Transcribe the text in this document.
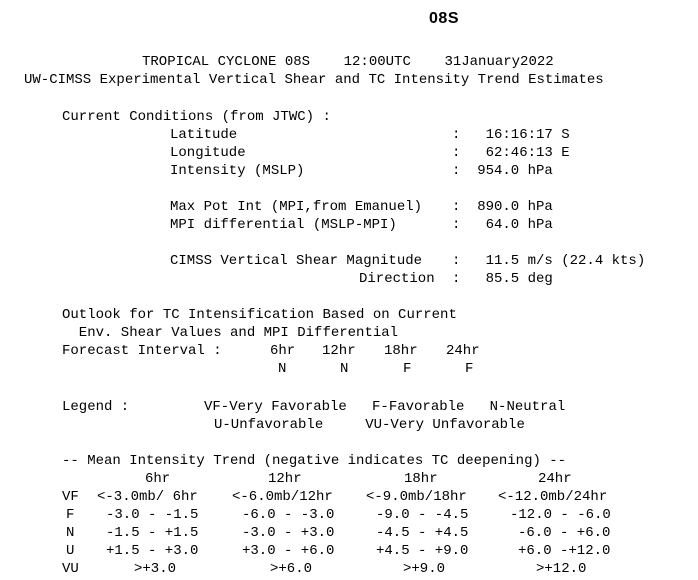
08S
TROPICAL CYCLONE 08S    12:00UTC    31January2022
UW-CIMSS Experimental Vertical Shear and TC Intensity Trend Estimates
Current Conditions (from JTWC) :
Latitude	:   16:16:17 S
Longitude	:   62:46:13 E
Intensity (MSLP)	:  954.0 hPa
Max Pot Int (MPI,from Emanuel) :  890.0 hPa
MPI differential (MSLP-MPI)	:   64.0 hPa
CIMSS Vertical Shear Magnitude :   11.5 m/s (22.4 kts)
Direction :   85.5 deg
Outlook for TC Intensification Based on Current
Env. Shear Values and MPI Differential
Forecast Interval :	6hr 12hr 18hr 24hr
N	N	F	F
Legend :	VF-Very Favorable   F-Favorable   N-Neutral
U-Unfavorable     VU-Very Unfavorable
-- Mean Intensity Trend (negative indicates TC deepening) --
6hr	12hr	18hr	24hr
VF <-3.0mb/ 6hr <-6.0mb/12hr <-9.0mb/18hr <-12.0mb/24hr
F -3.0 - -1.5	-6.0 - -3.0	-9.0 - -4.5	-12.0 - -6.0
N -1.5 - +1.5	-3.0 - +3.0	-4.5 - +4.5	-6.0 - +6.0
U +1.5 - +3.0	+3.0 - +6.0	+4.5 - +9.0	+6.0 -+12.0
VU	>+3.0	>+6.0	>+9.0	>+12.0
